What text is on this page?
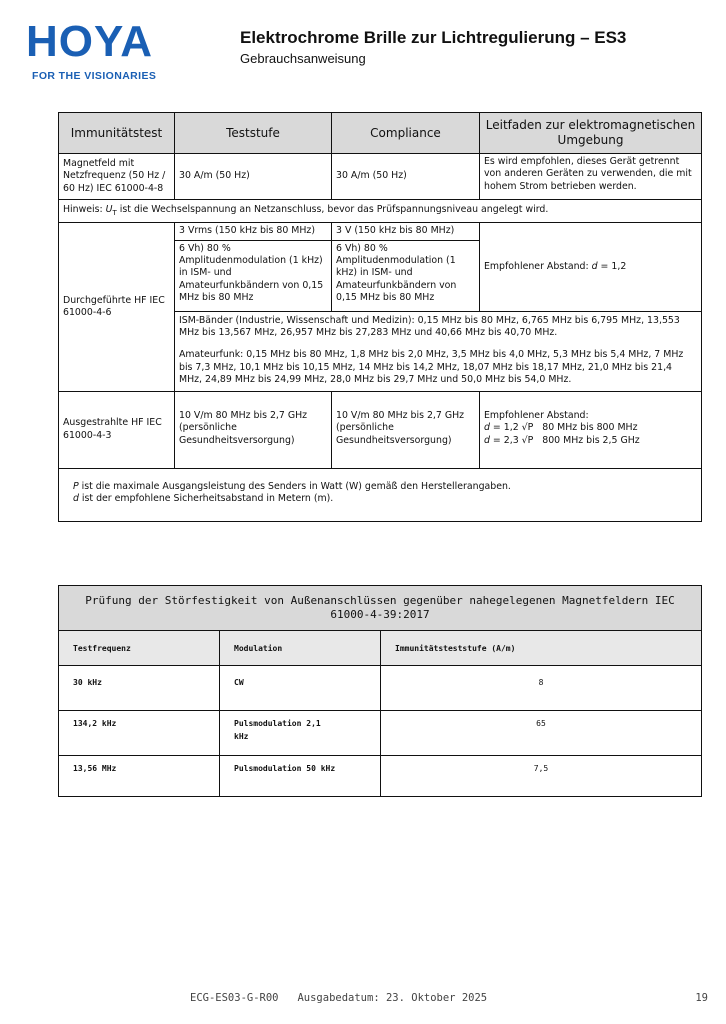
HOYA
FOR THE VISIONARIES
Elektrochrome Brille zur Lichtregulierung – ES3
Gebrauchsanweisung
Immunitätstest	Teststufe	Compliance	Leitfaden zur elektromagnetischen Umgebung
Magnetfeld mit Netzfrequenz (50 Hz / 60 Hz) IEC 61000-4-8	30 A/m (50 Hz)	30 A/m (50 Hz)	Es wird empfohlen, dieses Gerät getrennt von anderen Geräten zu verwenden, die mit hohem Strom betrieben werden.
Hinweis: $U_T$ ist die Wechselspannung an Netzanschluss, bevor das Prüfspannungsniveau angelegt wird.			
Durchgeführte HF IEC 61000-4-6	3 Vrms (150 kHz bis 80 MHz)	3 V (150 kHz bis 80 MHz)	Empfohlener Abstand: d = 1,2
	6 Vh) 80 % Amplitudenmodulation (1 kHz) in ISM- und Amateurfunkbändern von 0,15 MHz bis 80 MHz	6 Vh) 80 % Amplitudenmodulation (1 kHz) in ISM- und Amateurfunkbändern von 0,15 MHz bis 80 MHz	
	ISM-Bänder (Industrie, Wissenschaft und Medizin): 0,15 MHz bis 80 MHz, 6,765 MHz bis 6,795 MHz, 13,553 MHz bis 13,567 MHz, 26,957 MHz bis 27,283 MHz und 40,66 MHz bis 40,70 MHz.
Amateurfunk: 0,15 MHz bis 80 MHz, 1,8 MHz bis 2,0 MHz, 3,5 MHz bis 4,0 MHz, 5,3 MHz bis 5,4 MHz, 7 MHz bis 7,3 MHz, 10,1 MHz bis 10,15 MHz, 14 MHz bis 14,2 MHz, 18,07 MHz bis 18,17 MHz, 21,0 MHz bis 21,4 MHz, 24,89 MHz bis 24,99 MHz, 28,0 MHz bis 29,7 MHz und 50,0 MHz bis 54,0 MHz.		
Ausgestrahlte HF IEC 61000-4-3	10 V/m 80 MHz bis 2,7 GHz (persönliche Gesundheitsversorgung)	10 V/m 80 MHz bis 2,7 GHz (persönliche Gesundheitsversorgung)	Empfohlener Abstand:
d = 1,2 √P   80 MHz bis 800 MHz
d = 2,3 √P   800 MHz bis 2,5 GHz

P ist die maximale Ausgangsleistung des Senders in Watt (W) gemäß den Herstellerangaben.
d ist der empfohlene Sicherheitsabstand in Metern (m).			
Prüfung der Störfestigkeit von Außenanschlüssen gegenüber nahegelegenen Magnetfeldern IEC 61000-4-39:2017		
Testfrequenz	Modulation	Immunitätsteststufe (A/m)
30 kHz	CW	8
134,2 kHz	Pulsmodulation 2,1 kHz	65
13,56 MHz	Pulsmodulation 50 kHz	7,5
ECG-ES03-G-R00   Ausgabedatum: 23. Oktober 2025	19
